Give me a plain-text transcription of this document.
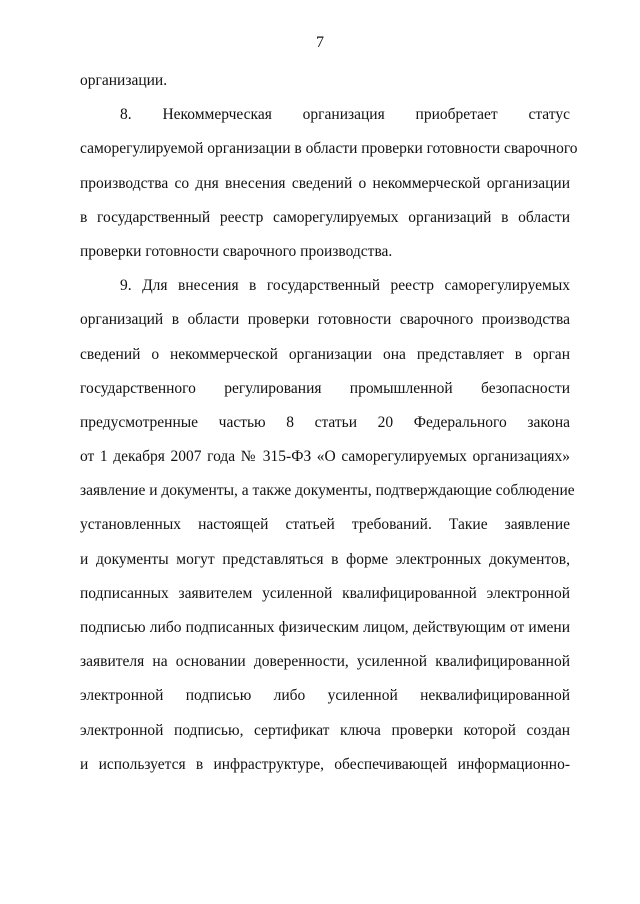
7
организации.
8. Некоммерческая организация приобретает статус
саморегулируемой организации в области проверки готовности сварочного
производства со дня внесения сведений о некоммерческой организации
в государственный реестр саморегулируемых организаций в области
проверки готовности сварочного производства.
9. Для внесения в государственный реестр саморегулируемых
организаций в области проверки готовности сварочного производства
сведений о некоммерческой организации она представляет в орган
государственного регулирования промышленной безопасности
предусмотренные частью 8 статьи 20 Федерального закона
от 1 декабря 2007 года № 315-ФЗ «О саморегулируемых организациях»
заявление и документы, а также документы, подтверждающие соблюдение
установленных настоящей статьей требований. Такие заявление
и документы могут представляться в форме электронных документов,
подписанных заявителем усиленной квалифицированной электронной
подписью либо подписанных физическим лицом, действующим от имени
заявителя на основании доверенности, усиленной квалифицированной
электронной подписью либо усиленной неквалифицированной
электронной подписью, сертификат ключа проверки которой создан
и используется в инфраструктуре, обеспечивающей информационно-
